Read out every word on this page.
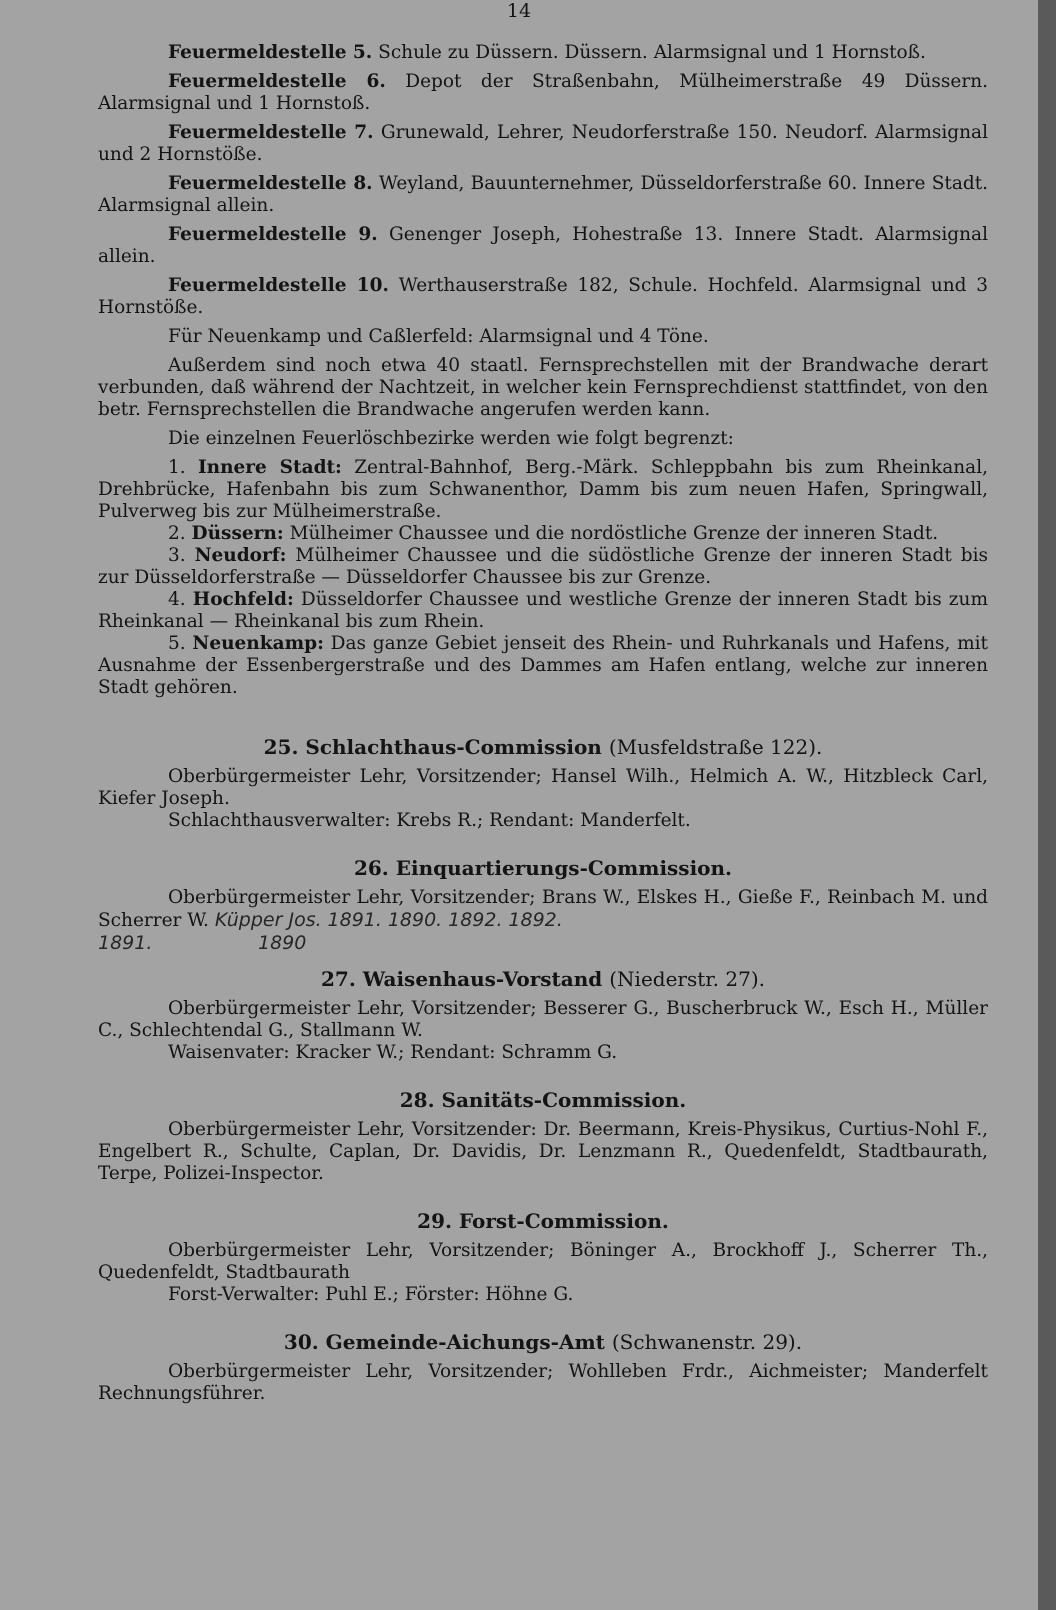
14

Feuermeldestelle 5. Schule zu Düssern. Düssern. Alarmsignal und 1 Hornstoß.

Feuermeldestelle 6. Depot der Straßenbahn, Mülheimerstraße 49 Düssern. Alarmsignal und 1 Hornstoß.

Feuermeldestelle 7. Grunewald, Lehrer, Neudorferstraße 150. Neudorf. Alarmsignal und 2 Hornstöße.

Feuermeldestelle 8. Weyland, Bauunternehmer, Düsseldorferstraße 60. Innere Stadt. Alarmsignal allein.

Feuermeldestelle 9. Genenger Joseph, Hohestraße 13. Innere Stadt. Alarmsignal allein.

Feuermeldestelle 10. Werthauserstraße 182, Schule. Hochfeld. Alarmsignal und 3 Hornstöße.

Für Neuenkamp und Caßlerfeld: Alarmsignal und 4 Töne.

Außerdem sind noch etwa 40 staatl. Fernsprechstellen mit der Brandwache derart verbunden, daß während der Nachtzeit, in welcher kein Fernsprechdienst stattfindet, von den betr. Fernsprechstellen die Brandwache angerufen werden kann.

Die einzelnen Feuerlöschbezirke werden wie folgt begrenzt:

1. Innere Stadt: Zentral-Bahnhof, Berg.-Märk. Schleppbahn bis zum Rheinkanal, Drehbrücke, Hafenbahn bis zum Schwanenthor, Damm bis zum neuen Hafen, Springwall, Pulverweg bis zur Mülheimerstraße.

2. Düssern: Mülheimer Chaussee und die nordöstliche Grenze der inneren Stadt.

3. Neudorf: Mülheimer Chaussee und die südöstliche Grenze der inneren Stadt bis zur Düsseldorferstraße — Düsseldorfer Chaussee bis zur Grenze.

4. Hochfeld: Düsseldorfer Chaussee und westliche Grenze der inneren Stadt bis zum Rheinkanal — Rheinkanal bis zum Rhein.

5. Neuenkamp: Das ganze Gebiet jenseit des Rhein- und Ruhrkanals und Hafens, mit Ausnahme der Essenbergerstraße und des Dammes am Hafen entlang, welche zur inneren Stadt gehören.

25. Schlachthaus-Commission (Musfeldstraße 122).

Oberbürgermeister Lehr, Vorsitzender; Hansel Wilh., Helmich A. W., Hitzbleck Carl, Kiefer Joseph.

Schlachthausverwalter: Krebs R.; Rendant: Manderfelt.

26. Einquartierungs-Commission.

Oberbürgermeister Lehr, Vorsitzender; Brans W., Elskes H., Gieße F., Reinbach M. und Scherrer W. Küpper Jos. 1891. 1890. 1892. 1892.

1891.	1890
27. Waisenhaus-Vorstand (Niederstr. 27).

Oberbürgermeister Lehr, Vorsitzender; Besserer G., Buscherbruck W., Esch H., Müller C., Schlechtendal G., Stallmann W.

Waisenvater: Kracker W.; Rendant: Schramm G.

28. Sanitäts-Commission.

Oberbürgermeister Lehr, Vorsitzender: Dr. Beermann, Kreis-Physikus, Curtius-Nohl F., Engelbert R., Schulte, Caplan, Dr. Davidis, Dr. Lenzmann R., Quedenfeldt, Stadtbaurath, Terpe, Polizei-Inspector.

29. Forst-Commission.

Oberbürgermeister Lehr, Vorsitzender; Böninger A., Brockhoff J., Scherrer Th., Quedenfeldt, Stadtbaurath

Forst-Verwalter: Puhl E.; Förster: Höhne G.

30. Gemeinde-Aichungs-Amt (Schwanenstr. 29).

Oberbürgermeister Lehr, Vorsitzender; Wohlleben Frdr., Aichmeister; Manderfelt Rechnungsführer.
